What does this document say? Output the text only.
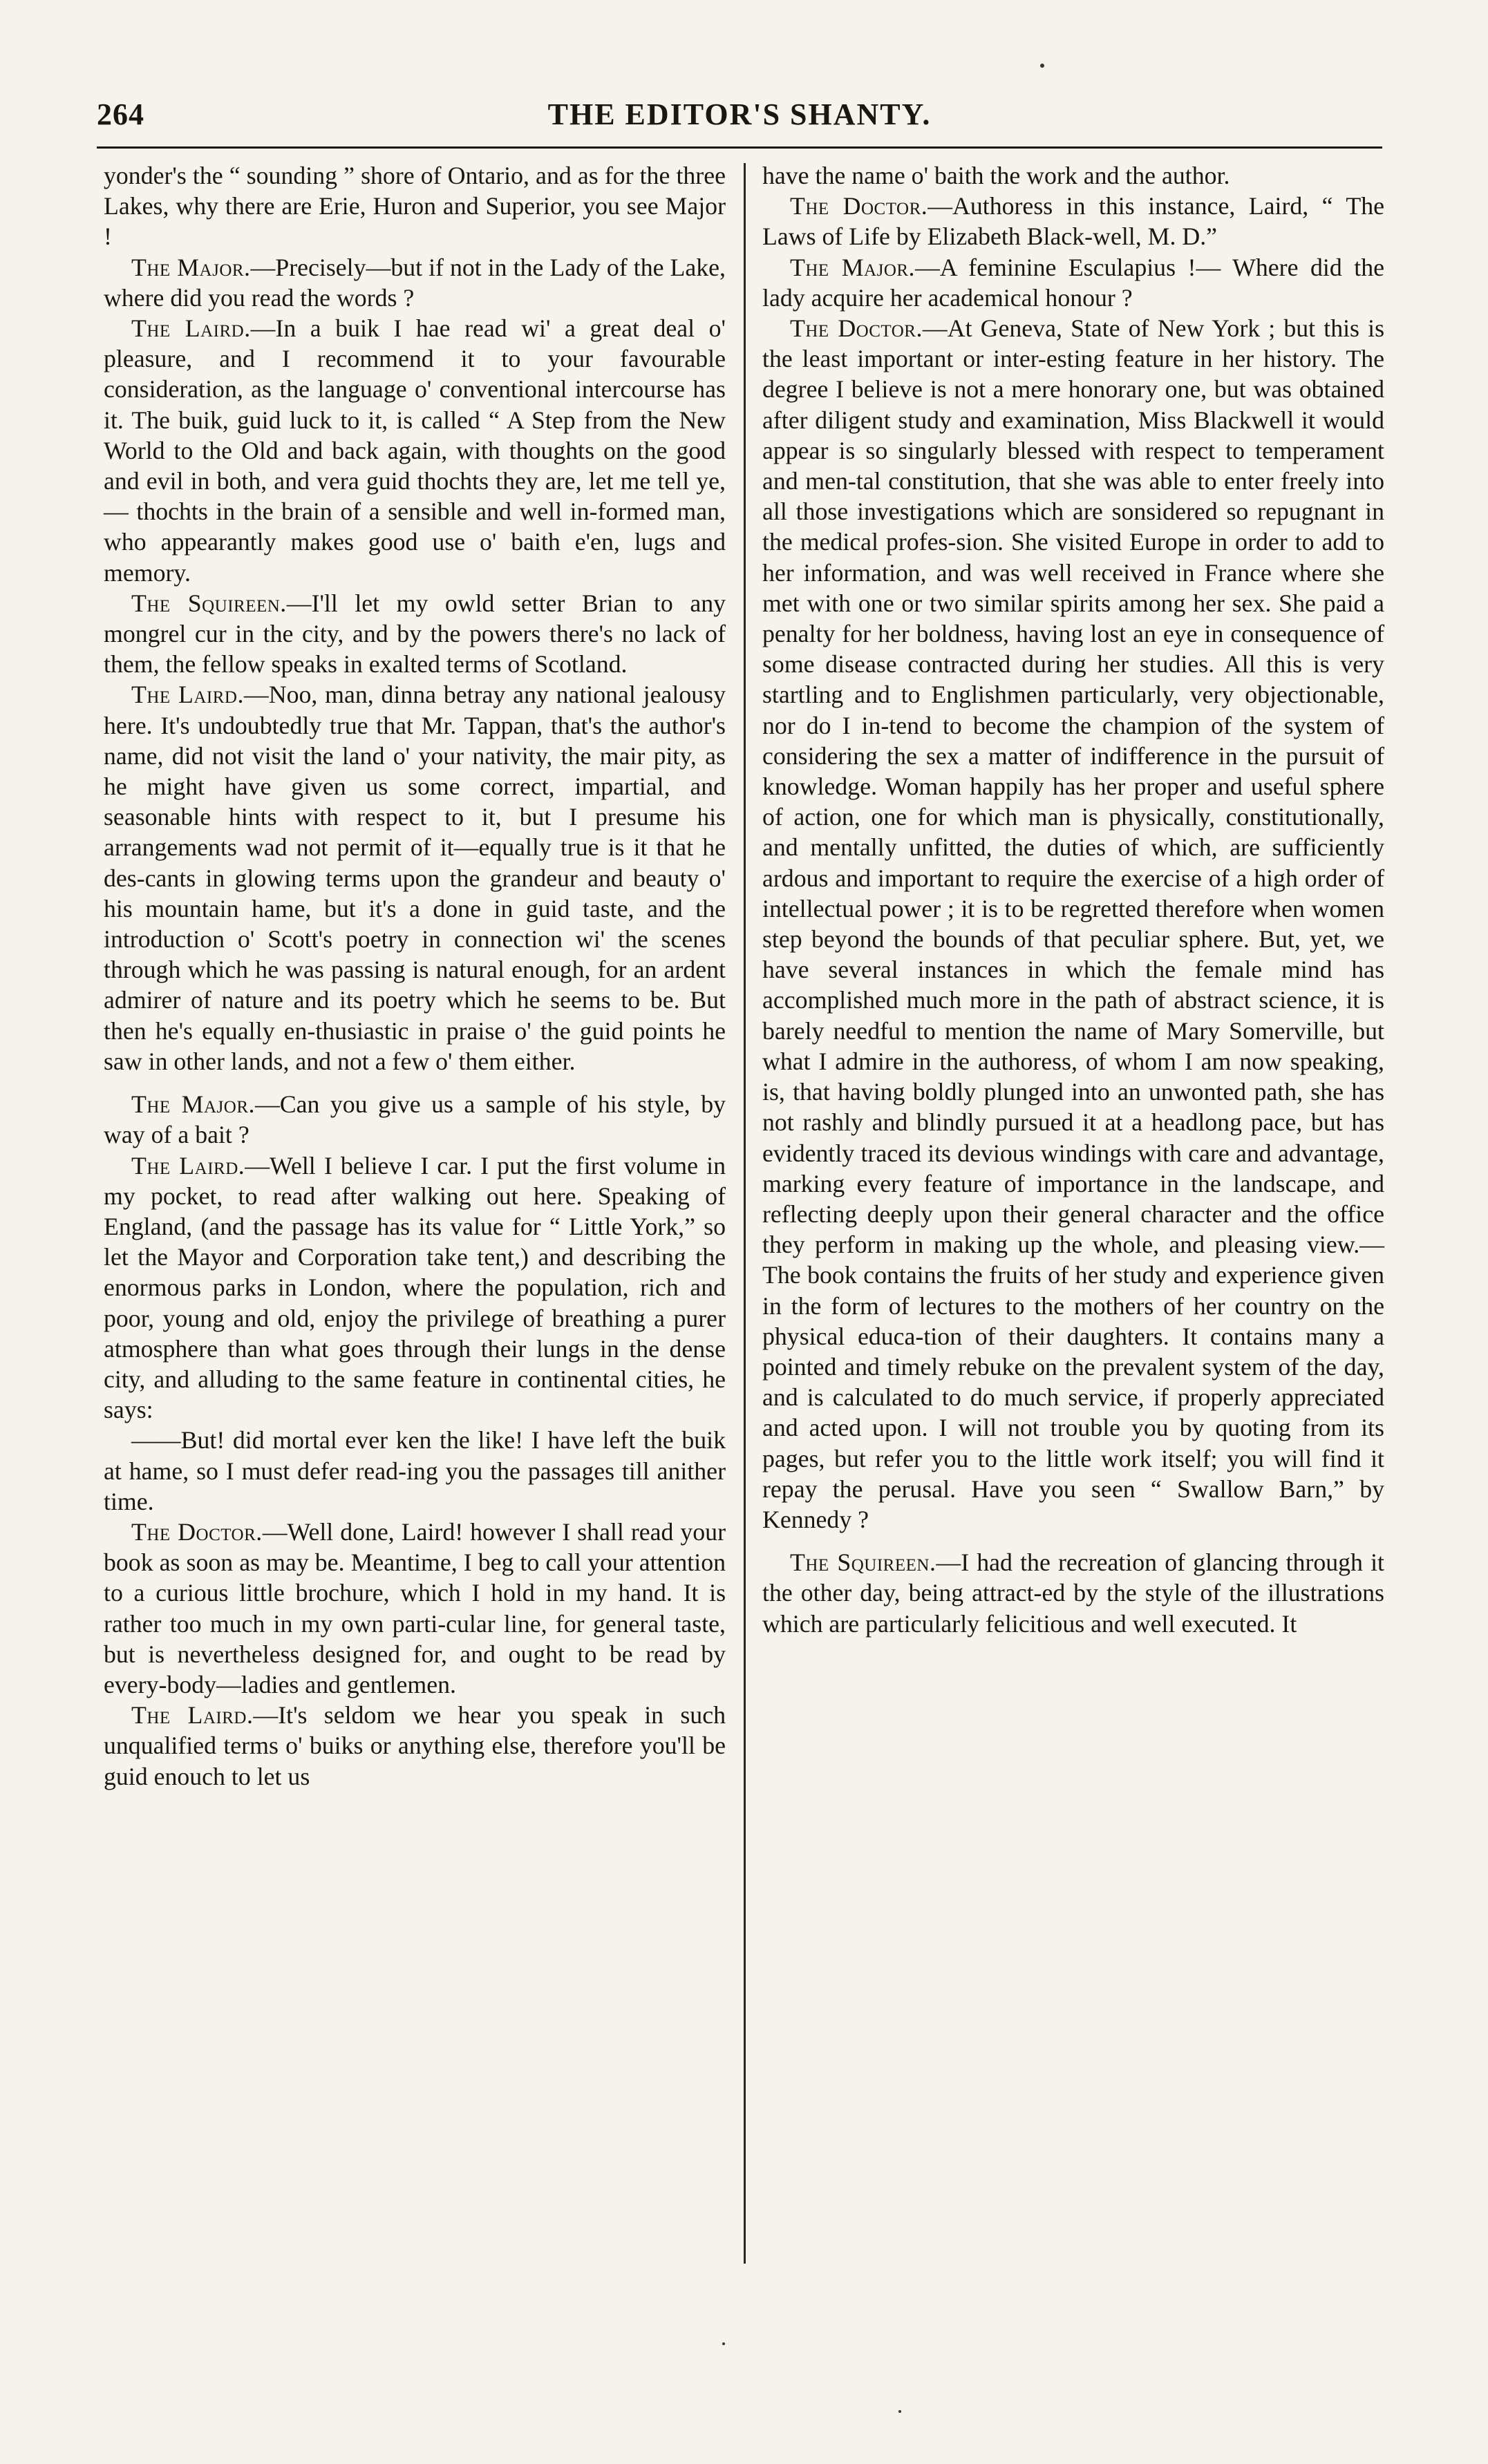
264	THE EDITOR'S SHANTY.

yonder's the “ sounding ” shore of Ontario, and as for the three Lakes, why there are Erie, Huron and Superior, you see Major !

The Major.—Precisely—but if not in the Lady of the Lake, where did you read the words ?

The Laird.—In a buik I hae read wi' a great deal o' pleasure, and I recommend it to your favourable consideration, as the language o' conventional intercourse has it. The buik, guid luck to it, is called “ A Step from the New World to the Old and back again, with thoughts on the good and evil in both, and vera guid thochts they are, let me tell ye,— thochts in the brain of a sensible and well in-formed man, who appearantly makes good use o' baith e'en, lugs and memory.

The Squireen.—I'll let my owld setter Brian to any mongrel cur in the city, and by the powers there's no lack of them, the fellow speaks in exalted terms of Scotland.

The Laird.—Noo, man, dinna betray any national jealousy here. It's undoubtedly true that Mr. Tappan, that's the author's name, did not visit the land o' your nativity, the mair pity, as he might have given us some correct, impartial, and seasonable hints with respect to it, but I presume his arrangements wad not permit of it—equally true is it that he des-cants in glowing terms upon the grandeur and beauty o' his mountain hame, but it's a done in guid taste, and the introduction o' Scott's poetry in connection wi' the scenes through which he was passing is natural enough, for an ardent admirer of nature and its poetry which he seems to be. But then he's equally en-thusiastic in praise o' the guid points he saw in other lands, and not a few o' them either.

The Major.—Can you give us a sample of his style, by way of a bait ?

The Laird.—Well I believe I car. I put the first volume in my pocket, to read after walking out here. Speaking of England, (and the passage has its value for “ Little York,” so let the Mayor and Corporation take tent,) and describing the enormous parks in London, where the population, rich and poor, young and old, enjoy the privilege of breathing a purer atmosphere than what goes through their lungs in the dense city, and alluding to the same feature in continental cities, he says:

——But! did mortal ever ken the like! I have left the buik at hame, so I must defer read-ing you the passages till anither time.

The Doctor.—Well done, Laird! however I shall read your book as soon as may be. Meantime, I beg to call your attention to a curious little brochure, which I hold in my hand. It is rather too much in my own parti-cular line, for general taste, but is nevertheless designed for, and ought to be read by every-body—ladies and gentlemen.

The Laird.—It's seldom we hear you speak in such unqualified terms o' buiks or anything else, therefore you'll be guid enouch to let us

have the name o' baith the work and the author.

The Doctor.—Authoress in this instance, Laird, “ The Laws of Life by Elizabeth Black-well, M. D.”

The Major.—A feminine Esculapius !— Where did the lady acquire her academical honour ?

The Doctor.—At Geneva, State of New York ; but this is the least important or inter-esting feature in her history. The degree I believe is not a mere honorary one, but was obtained after diligent study and examination, Miss Blackwell it would appear is so singularly blessed with respect to temperament and men-tal constitution, that she was able to enter freely into all those investigations which are sonsidered so repugnant in the medical profes-sion. She visited Europe in order to add to her information, and was well received in France where she met with one or two similar spirits among her sex. She paid a penalty for her boldness, having lost an eye in consequence of some disease contracted during her studies. All this is very startling and to Englishmen particularly, very objectionable, nor do I in-tend to become the champion of the system of considering the sex a matter of indifference in the pursuit of knowledge. Woman happily has her proper and useful sphere of action, one for which man is physically, constitutionally, and mentally unfitted, the duties of which, are sufficiently ardous and important to require the exercise of a high order of intellectual power ; it is to be regretted therefore when women step beyond the bounds of that peculiar sphere. But, yet, we have several instances in which the female mind has accomplished much more in the path of abstract science, it is barely needful to mention the name of Mary Somerville, but what I admire in the authoress, of whom I am now speaking, is, that having boldly plunged into an unwonted path, she has not rashly and blindly pursued it at a headlong pace, but has evidently traced its devious windings with care and advantage, marking every feature of importance in the landscape, and reflecting deeply upon their general character and the office they perform in making up the whole, and pleasing view.— The book contains the fruits of her study and experience given in the form of lectures to the mothers of her country on the physical educa-tion of their daughters. It contains many a pointed and timely rebuke on the prevalent system of the day, and is calculated to do much service, if properly appreciated and acted upon. I will not trouble you by quoting from its pages, but refer you to the little work itself; you will find it repay the perusal. Have you seen “ Swallow Barn,” by Kennedy ?

The Squireen.—I had the recreation of glancing through it the other day, being attract-ed by the style of the illustrations which are particularly felicitious and well executed. It
